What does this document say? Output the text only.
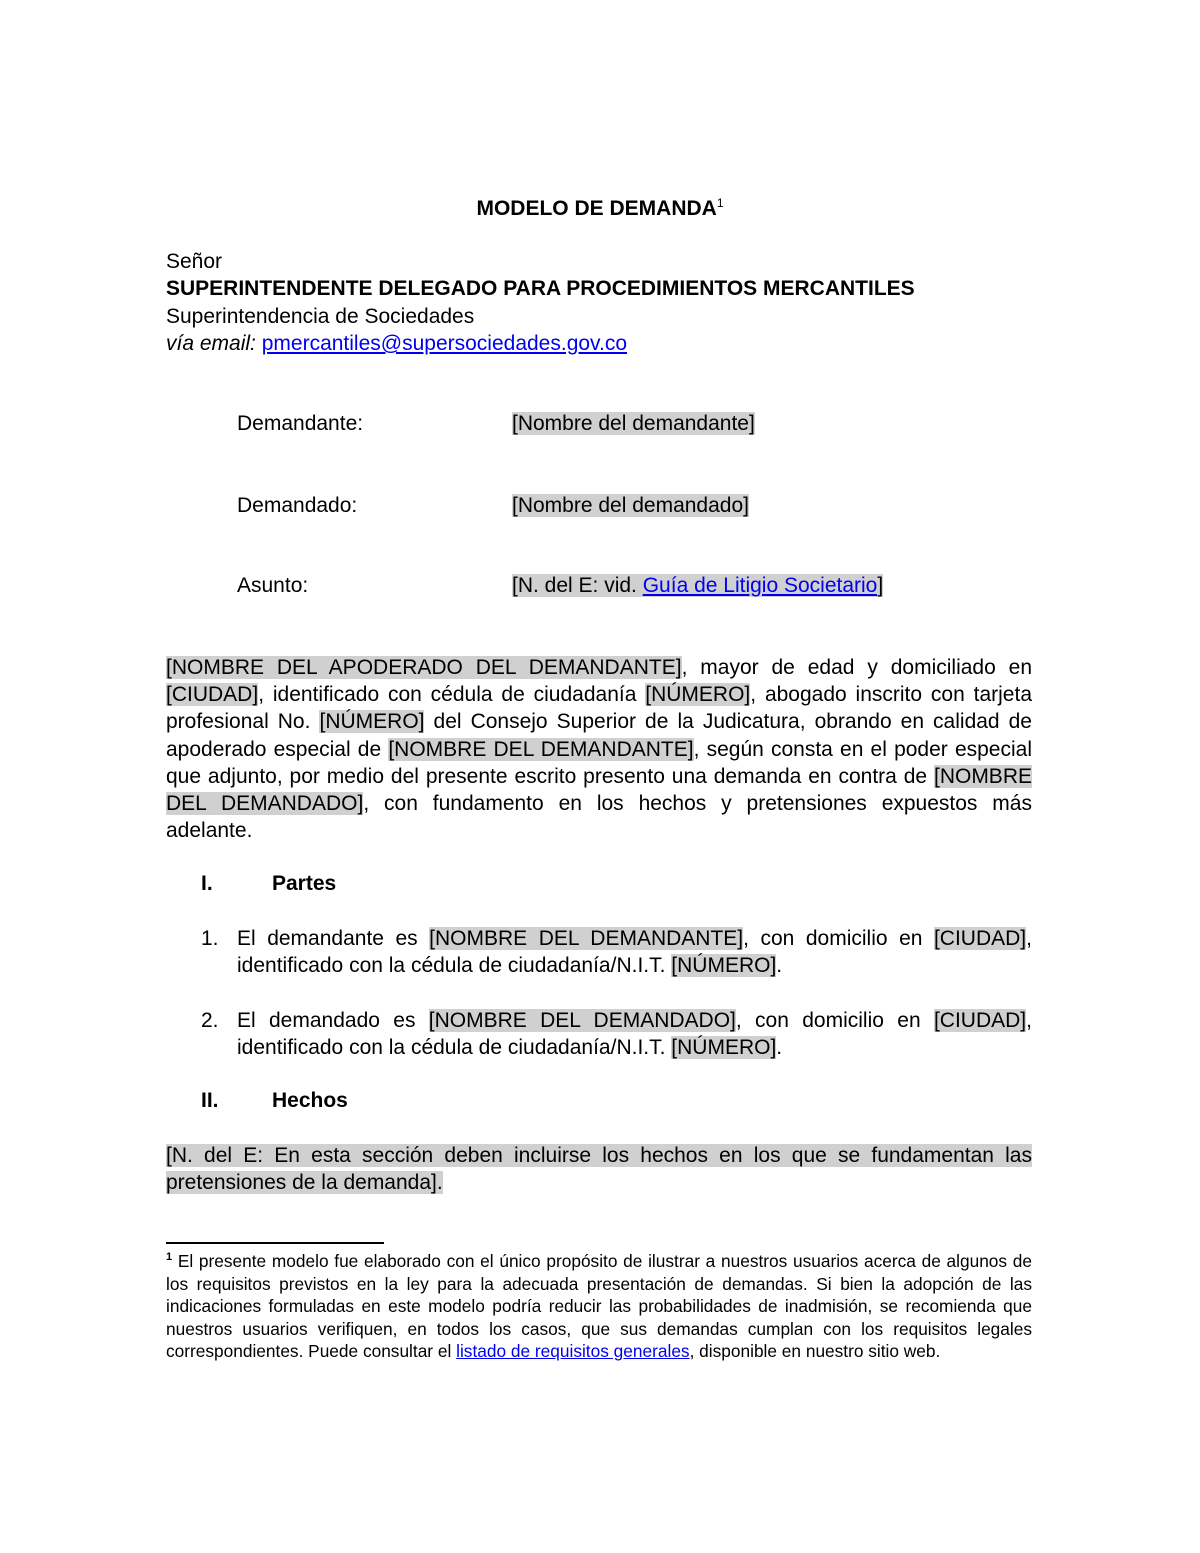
MODELO DE DEMANDA$^1$
Señor
SUPERINTENDENTE DELEGADO PARA PROCEDIMIENTOS MERCANTILES
Superintendencia de Sociedades
vía email: pmercantiles@supersociedades.gov.co
Demandante:	[Nombre del demandante]
Demandado:	[Nombre del demandado]
Asunto:	[N. del E: vid. Guía de Litigio Societario]
[NOMBRE DEL APODERADO DEL DEMANDANTE], mayor de edad y domiciliado en [CIUDAD], identificado con cédula de ciudadanía [NÚMERO], abogado inscrito con tarjeta profesional No. [NÚMERO] del Consejo Superior de la Judicatura, obrando en calidad de apoderado especial de [NOMBRE DEL DEMANDANTE], según consta en el poder especial que adjunto, por medio del presente escrito presento una demanda en contra de [NOMBRE DEL DEMANDADO], con fundamento en los hechos y pretensiones expuestos más adelante.
I.	Partes
1. El demandante es [NOMBRE DEL DEMANDANTE], con domicilio en [CIUDAD], identificado con la cédula de ciudadanía/N.I.T. [NÚMERO].
2. El demandado es [NOMBRE DEL DEMANDADO], con domicilio en [CIUDAD], identificado con la cédula de ciudadanía/N.I.T. [NÚMERO].
II.	Hechos
[N. del E: En esta sección deben incluirse los hechos en los que se fundamentan las pretensiones de la demanda].
$^1$ El presente modelo fue elaborado con el único propósito de ilustrar a nuestros usuarios acerca de algunos de los requisitos previstos en la ley para la adecuada presentación de demandas. Si bien la adopción de las indicaciones formuladas en este modelo podría reducir las probabilidades de inadmisión, se recomienda que nuestros usuarios verifiquen, en todos los casos, que sus demandas cumplan con los requisitos legales correspondientes. Puede consultar el listado de requisitos generales, disponible en nuestro sitio web.
